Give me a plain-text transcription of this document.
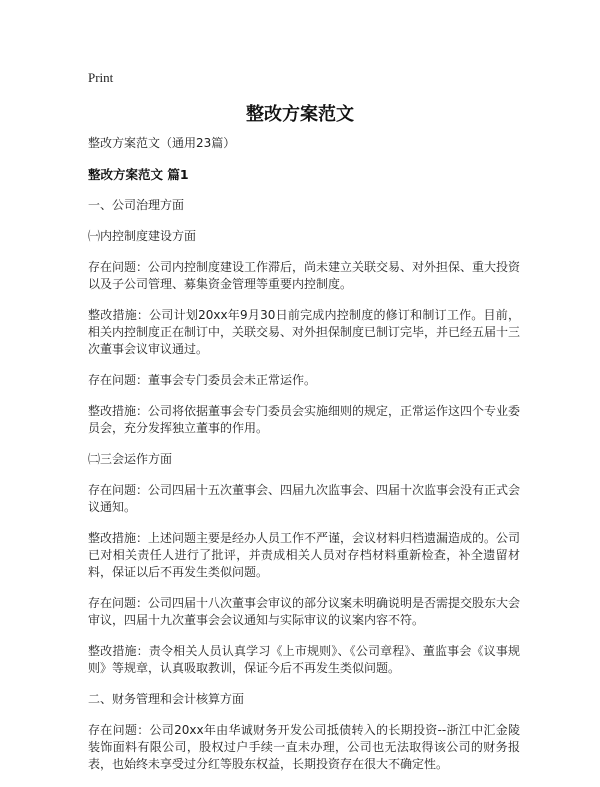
Print
整改方案范文

整改方案范文（通用23篇）

整改方案范文 篇1

一、公司治理方面

㈠内控制度建设方面

存在问题：公司内控制度建设工作滞后，尚未建立关联交易、对外担保、重大投资以及子公司管理、募集资金管理等重要内控制度。

整改措施：公司计划20xx年9月30日前完成内控制度的修订和制订工作。目前，相关内控制度正在制订中，关联交易、对外担保制度已制订完毕，并已经五届十三次董事会议审议通过。

存在问题：董事会专门委员会未正常运作。

整改措施：公司将依据董事会专门委员会实施细则的规定，正常运作这四个专业委员会，充分发挥独立董事的作用。

㈡三会运作方面

存在问题：公司四届十五次董事会、四届九次监事会、四届十次监事会没有正式会议通知。

整改措施：上述问题主要是经办人员工作不严谨，会议材料归档遗漏造成的。公司已对相关责任人进行了批评，并责成相关人员对存档材料重新检查，补全遗留材料，保证以后不再发生类似问题。

存在问题：公司四届十八次董事会审议的部分议案未明确说明是否需提交股东大会审议，四届十九次董事会会议通知与实际审议的议案内容不符。

整改措施：责令相关人员认真学习《上市规则》、《公司章程》、董监事会《议事规则》等规章，认真吸取教训，保证今后不再发生类似问题。

二、财务管理和会计核算方面

存在问题：公司20xx年由华诚财务开发公司抵债转入的长期投资--浙江中汇金陵装饰面料有限公司，股权过户手续一直未办理，公司也无法取得该公司的财务报表，也始终未享受过分红等股东权益，长期投资存在很大不确定性。
